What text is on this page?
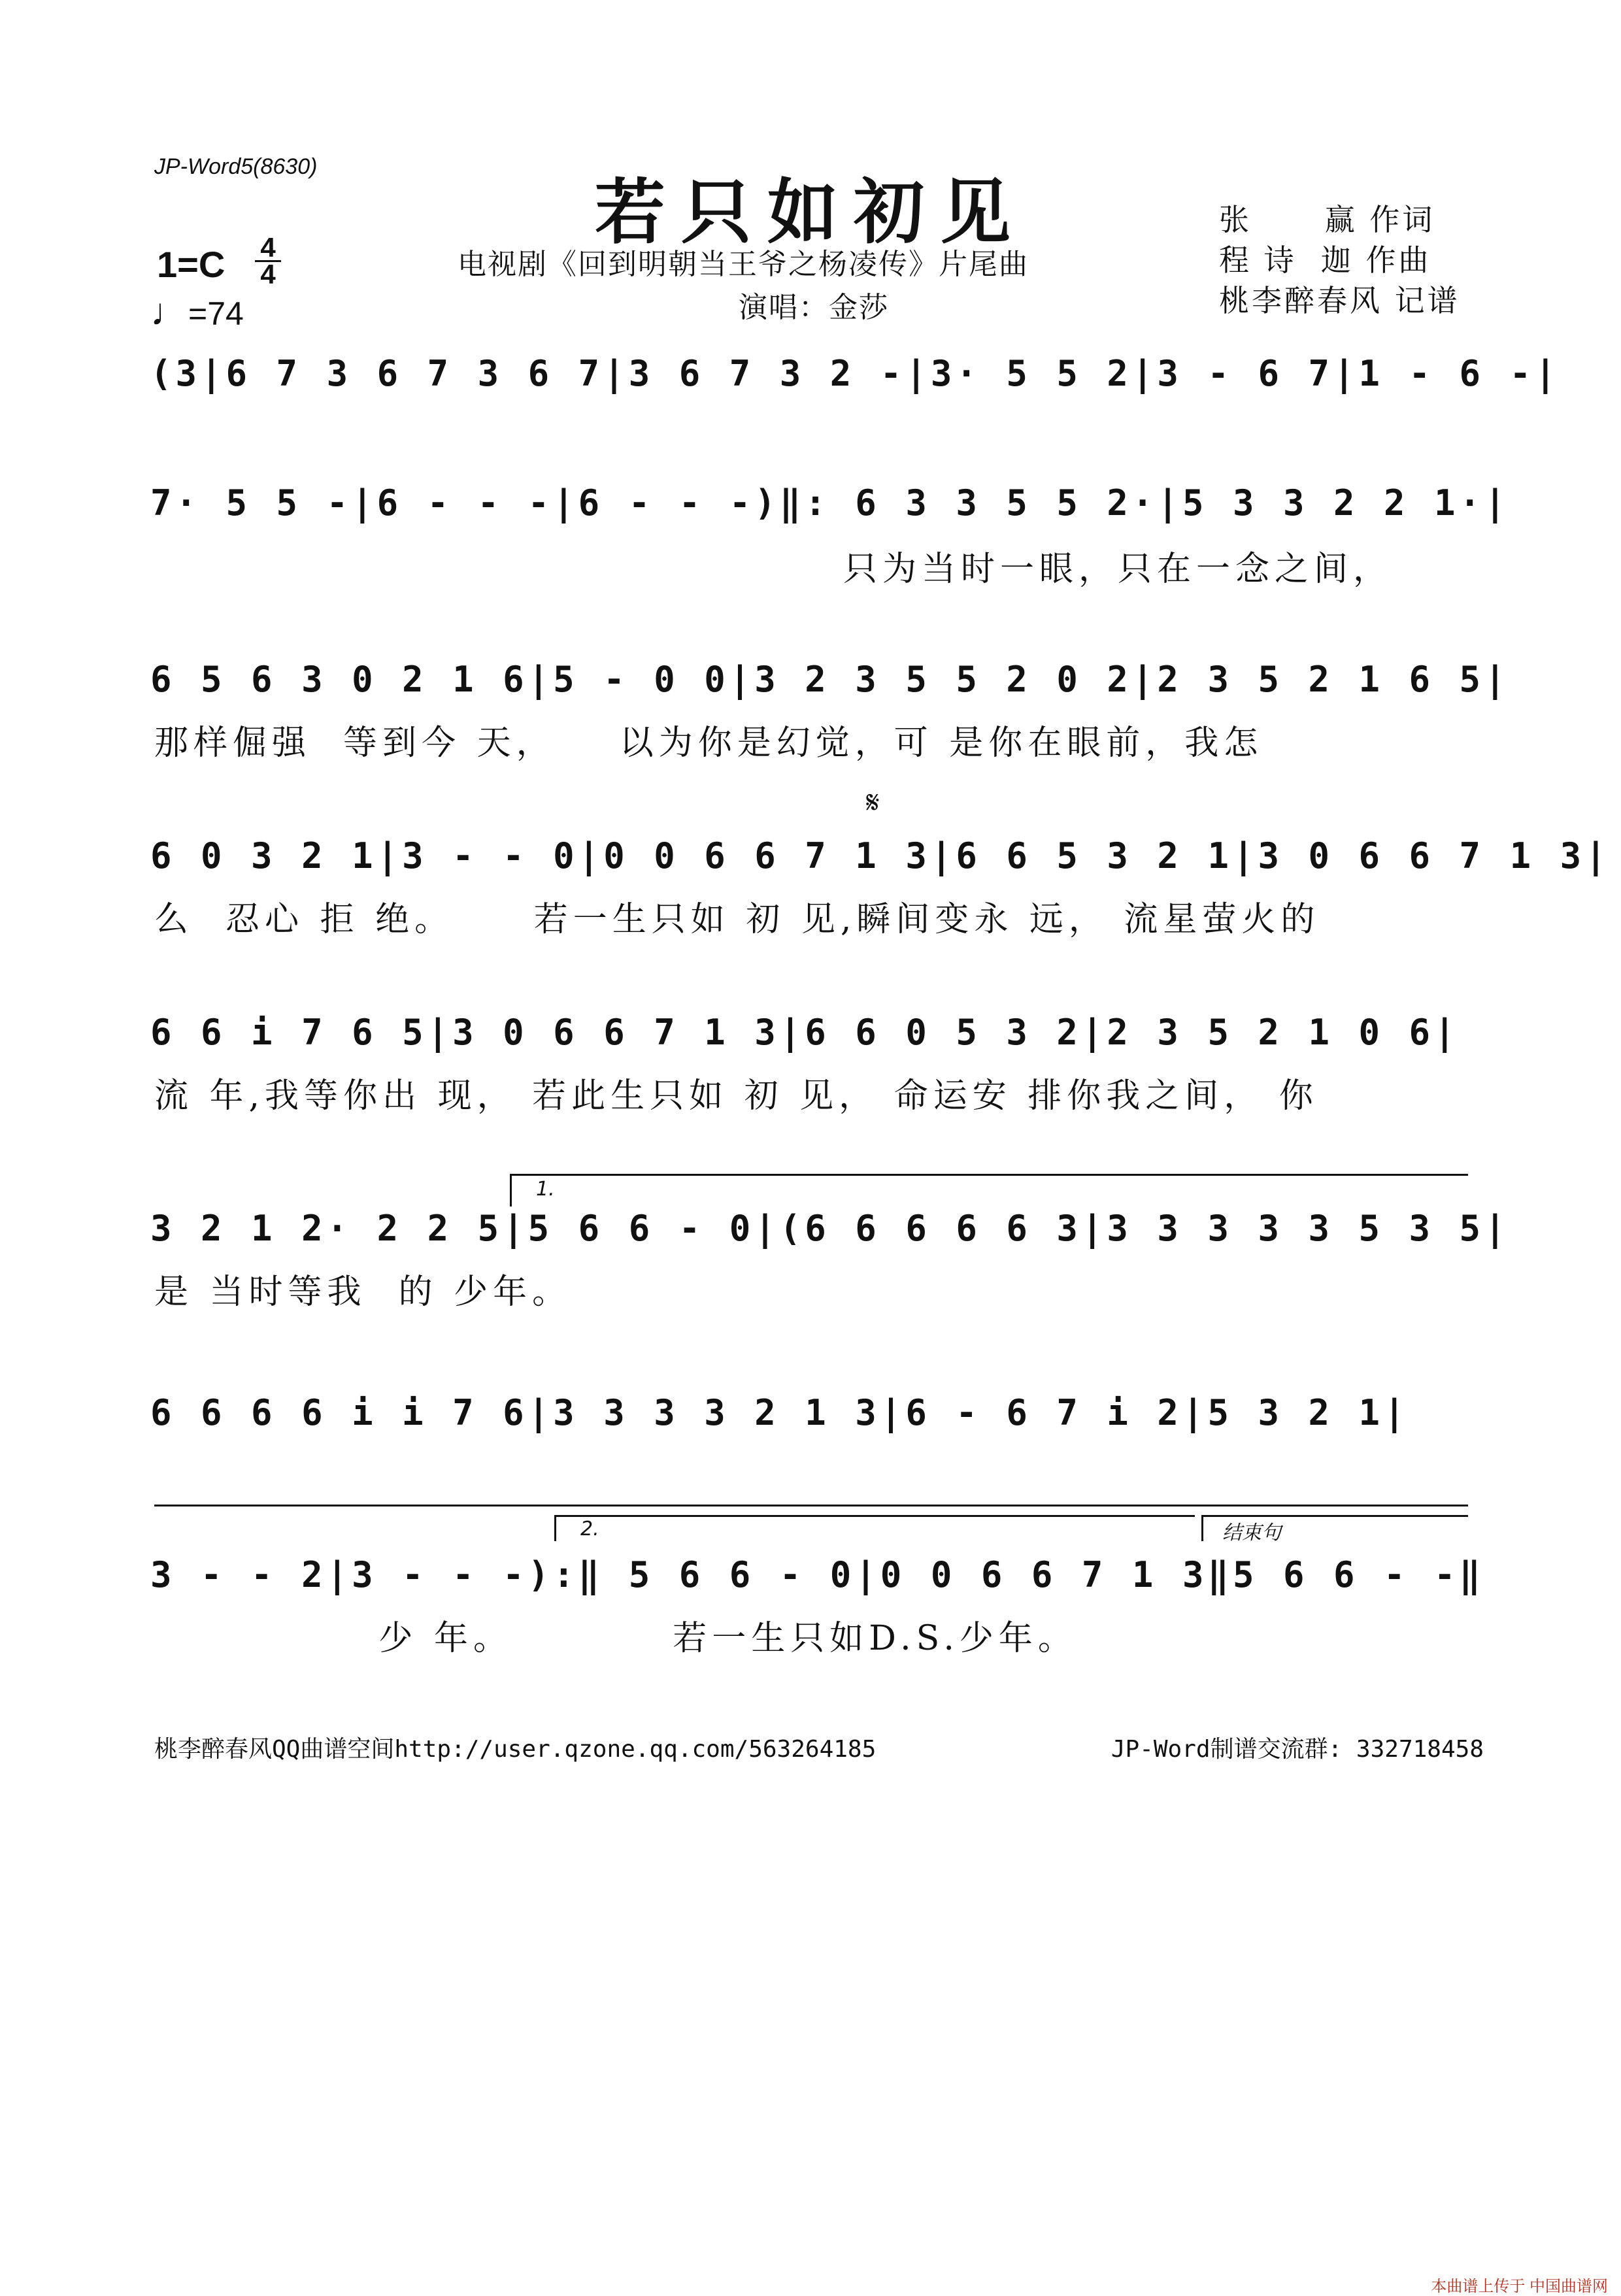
JP-Word5(8630)
若只如初见
电视剧《回到明朝当王爷之杨凌传》片尾曲
演唱：金莎
张      赢 作词
程 诗  迦 作曲
桃李醉春风 记谱
1=C 4
4
♩=74
(3|6 7 3 6 7 3 6 7|3 6 7 3 2 -|3· 5 5 2|3 - 6 7|1 - 6 -|
7· 5 5 -|6 - - -|6 - - -)‖: 6 3 3 5 5 2·|5 3 3 2 2 1·|
只为当时一眼，只在一念之间，
6 5 6 3 0 2 1 6|5 - 0 0|3 2 3 5 5 2 0 2|2 3 5 2 1 6 5|
那样倔强  等到今 天，    以为你是幻觉，可 是你在眼前，我怎
𝄋
6 0 3 2 1|3 - - 0|0 0 6 6 7 1 3|6 6 5 3 2 1|3 0 6 6 7 1 3|
么  忍心 拒 绝。     若一生只如 初 见,瞬间变永 远， 流星萤火的
6 6 i 7 6 5|3 0 6 6 7 1 3|6 6 0 5 3 2|2 3 5 2 1 0 6|
流 年,我等你出 现， 若此生只如 初 见， 命运安 排你我之间， 你
1.
3 2 1 2· 2 2 5|5 6 6 - 0|(6 6 6 6 6 3|3 3 3 3 3 5 3 5|
是 当时等我  的 少年。
6 6 6 6 i i 7 6|3 3 3 3 2 1 3|6 - 6 7 i 2|5 3 2 1|
2.	结束句
3 - - 2|3 - - -):‖ 5 6 6 - 0|0 0 6 6 7 1 3‖5 6 6 - -‖
少 年。          若一生只如D.S.少年。
桃李醉春风QQ曲谱空间http://user.qzone.qq.com/563264185	JP-Word制谱交流群: 332718458
本曲谱上传于 中国曲谱网
